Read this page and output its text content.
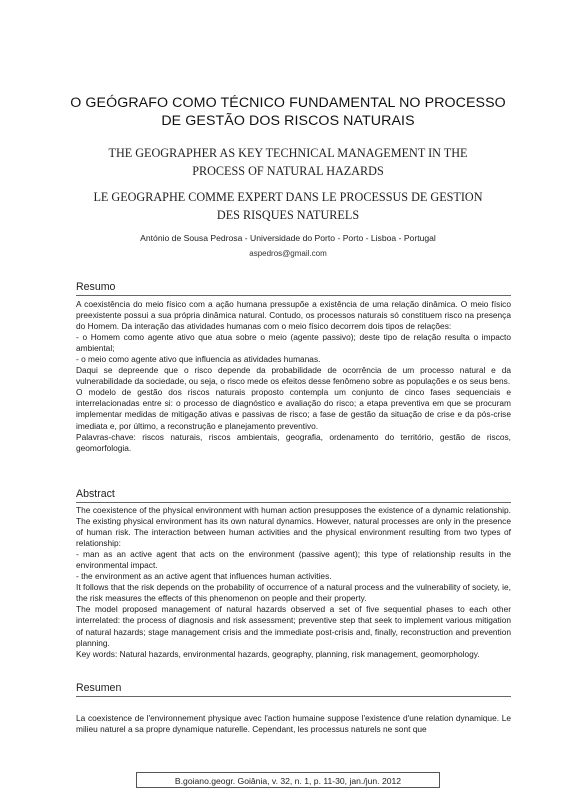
O GEÓGRAFO COMO TÉCNICO FUNDAMENTAL NO PROCESSO
DE GESTÃO DOS RISCOS NATURAIS
THE GEOGRAPHER AS KEY TECHNICAL MANAGEMENT IN THE
PROCESS OF NATURAL HAZARDS
LE GEOGRAPHE COMME EXPERT DANS LE PROCESSUS DE GESTION
DES RISQUES NATURELS
António de Sousa Pedrosa - Universidade do Porto - Porto - Lisboa - Portugal
aspedros@gmail.com
Resumo

A coexistência do meio físico com a ação humana pressupõe a existência de uma relação dinâmica. O meio físico preexistente possui a sua própria dinâmica natural. Contudo, os processos naturais só constituem risco na presença do Homem. Da interação das atividades humanas com o meio físico decorrem dois tipos de relações:

- o Homem como agente ativo que atua sobre o meio (agente passivo); deste tipo de relação resulta o impacto ambiental;

- o meio como agente ativo que influencia as atividades humanas.

Daqui se depreende que o risco depende da probabilidade de ocorrência de um processo natural e da vulnerabilidade da sociedade, ou seja, o risco mede os efeitos desse fenômeno sobre as populações e os seus bens.

O modelo de gestão dos riscos naturais proposto contempla um conjunto de cinco fases sequenciais e interrelacionadas entre si: o processo de diagnóstico e avaliação do risco; a etapa preventiva em que se procuram implementar medidas de mitigação ativas e passivas de risco; a fase de gestão da situação de crise e da pós-crise imediata e, por último, a reconstrução e planejamento preventivo.

Palavras-chave: riscos naturais, riscos ambientais, geografia, ordenamento do território, gestão de riscos, geomorfologia.

Abstract

The coexistence of the physical environment with human action presupposes the existence of a dynamic relationship. The existing physical environment has its own natural dynamics. However, natural processes are only in the presence of human risk. The interaction between human activities and the physical environment resulting from two types of relationship:

- man as an active agent that acts on the environment (passive agent); this type of relationship results in the environmental impact.

- the environment as an active agent that influences human activities.

It follows that the risk depends on the probability of occurrence of a natural process and the vulnerability of society, ie, the risk measures the effects of this phenomenon on people and their property.

The model proposed management of natural hazards observed a set of five sequential phases to each other interrelated: the process of diagnosis and risk assessment; preventive step that seek to implement various mitigation of natural hazards; stage management crisis and the immediate post-crisis and, finally, reconstruction and prevention planning.

Key words: Natural hazards, environmental hazards, geography, planning, risk management, geomorphology.

Resumen

La coexistence de l'environnement physique avec l'action humaine suppose l'existence d'une relation dynamique. Le milieu naturel a sa propre dynamique naturelle. Cependant, les processus naturels ne sont que

B.goiano.geogr. Goiânia, v. 32, n. 1, p. 11-30, jan./jun. 2012
